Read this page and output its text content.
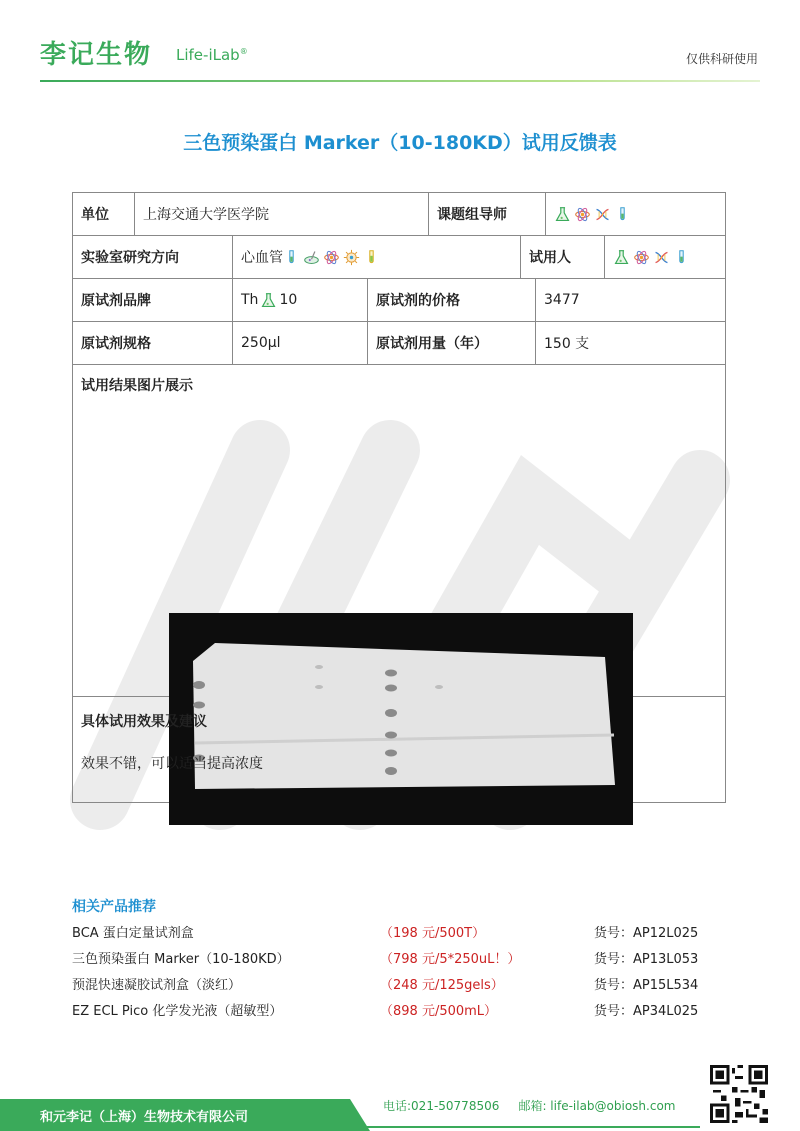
李记生物 Life-iLab®
仅供科研使用
三色预染蛋白 Marker（10-180KD）试用反馈表
单位	上海交通大学医学院	课题组导师
实验室研究方向	心血管	试用人
原试剂品牌	Th 10	原试剂的价格	3477
原试剂规格	250μl	原试剂用量（年）	150 支
试用结果图片展示
具体试用效果及建议
效果不错，可以适当提高浓度
相关产品推荐
BCA 蛋白定量试剂盒	（198 元/500T）	货号：AP12L025
三色预染蛋白 Marker（10-180KD）	（798 元/5*250uL！）	货号：AP13L053
预混快速凝胶试剂盒（淡红）	（248 元/125gels）	货号：AP15L534
EZ ECL Pico 化学发光液（超敏型）	（898 元/500mL）	货号：AP34L025
和元李记（上海）生物技术有限公司
电话:021-50778506 邮箱: life-ilab@obiosh.com
